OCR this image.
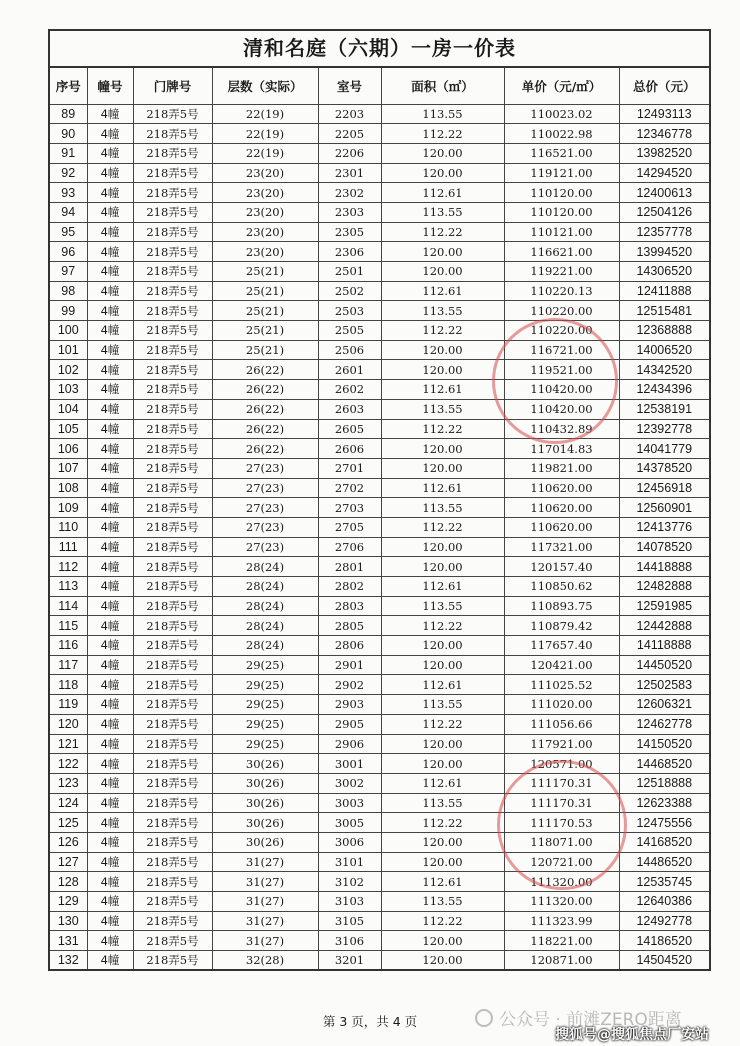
清和名庭（六期）一房一价表
序号	幢号	门牌号	层数（实际）	室号	面积（㎡）	单价（元/㎡）	总价（元）
89	4幢	218弄5号	22(19)	2203	113.55	110023.02	12493113
90	4幢	218弄5号	22(19)	2205	112.22	110022.98	12346778
91	4幢	218弄5号	22(19)	2206	120.00	116521.00	13982520
92	4幢	218弄5号	23(20)	2301	120.00	119121.00	14294520
93	4幢	218弄5号	23(20)	2302	112.61	110120.00	12400613
94	4幢	218弄5号	23(20)	2303	113.55	110120.00	12504126
95	4幢	218弄5号	23(20)	2305	112.22	110121.00	12357778
96	4幢	218弄5号	23(20)	2306	120.00	116621.00	13994520
97	4幢	218弄5号	25(21)	2501	120.00	119221.00	14306520
98	4幢	218弄5号	25(21)	2502	112.61	110220.13	12411888
99	4幢	218弄5号	25(21)	2503	113.55	110220.00	12515481
100	4幢	218弄5号	25(21)	2505	112.22	110220.00	12368888
101	4幢	218弄5号	25(21)	2506	120.00	116721.00	14006520
102	4幢	218弄5号	26(22)	2601	120.00	119521.00	14342520
103	4幢	218弄5号	26(22)	2602	112.61	110420.00	12434396
104	4幢	218弄5号	26(22)	2603	113.55	110420.00	12538191
105	4幢	218弄5号	26(22)	2605	112.22	110432.89	12392778
106	4幢	218弄5号	26(22)	2606	120.00	117014.83	14041779
107	4幢	218弄5号	27(23)	2701	120.00	119821.00	14378520
108	4幢	218弄5号	27(23)	2702	112.61	110620.00	12456918
109	4幢	218弄5号	27(23)	2703	113.55	110620.00	12560901
110	4幢	218弄5号	27(23)	2705	112.22	110620.00	12413776
111	4幢	218弄5号	27(23)	2706	120.00	117321.00	14078520
112	4幢	218弄5号	28(24)	2801	120.00	120157.40	14418888
113	4幢	218弄5号	28(24)	2802	112.61	110850.62	12482888
114	4幢	218弄5号	28(24)	2803	113.55	110893.75	12591985
115	4幢	218弄5号	28(24)	2805	112.22	110879.42	12442888
116	4幢	218弄5号	28(24)	2806	120.00	117657.40	14118888
117	4幢	218弄5号	29(25)	2901	120.00	120421.00	14450520
118	4幢	218弄5号	29(25)	2902	112.61	111025.52	12502583
119	4幢	218弄5号	29(25)	2903	113.55	111020.00	12606321
120	4幢	218弄5号	29(25)	2905	112.22	111056.66	12462778
121	4幢	218弄5号	29(25)	2906	120.00	117921.00	14150520
122	4幢	218弄5号	30(26)	3001	120.00	120571.00	14468520
123	4幢	218弄5号	30(26)	3002	112.61	111170.31	12518888
124	4幢	218弄5号	30(26)	3003	113.55	111170.31	12623388
125	4幢	218弄5号	30(26)	3005	112.22	111170.53	12475556
126	4幢	218弄5号	30(26)	3006	120.00	118071.00	14168520
127	4幢	218弄5号	31(27)	3101	120.00	120721.00	14486520
128	4幢	218弄5号	31(27)	3102	112.61	111320.00	12535745
129	4幢	218弄5号	31(27)	3103	113.55	111320.00	12640386
130	4幢	218弄5号	31(27)	3105	112.22	111323.99	12492778
131	4幢	218弄5号	31(27)	3106	120.00	118221.00	14186520
132	4幢	218弄5号	32(28)	3201	120.00	120871.00	14504520
第 3 页，共 4 页	公众号 · 前滩ZERO距离
搜狐号@搜狐焦点厂安站
